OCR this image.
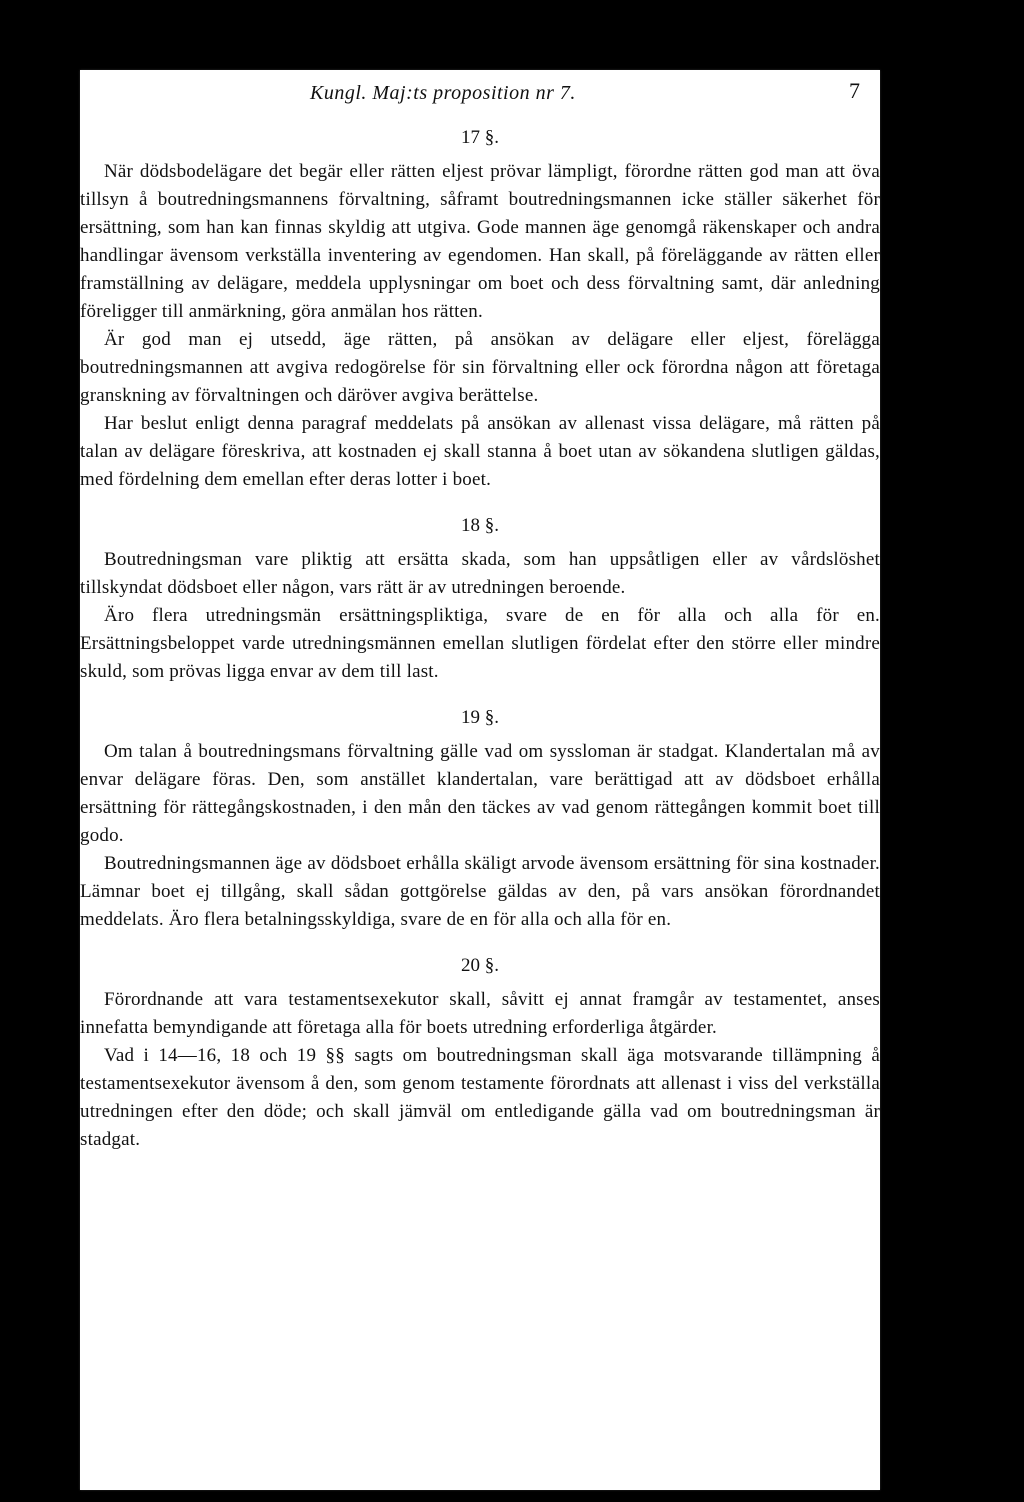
Kungl. Maj:ts proposition nr 7.	7
17 §.

När dödsbodelägare det begär eller rätten eljest prövar lämpligt, förordne rätten god man att öva tillsyn å boutredningsmannens förvaltning, såframt boutredningsmannen icke ställer säkerhet för ersättning, som han kan finnas skyldig att utgiva. Gode mannen äge genomgå räkenskaper och andra handlingar ävensom verkställa inventering av egendomen. Han skall, på föreläggande av rätten eller framställning av delägare, meddela upplysningar om boet och dess förvaltning samt, där anledning föreligger till anmärkning, göra anmälan hos rätten.

Är god man ej utsedd, äge rätten, på ansökan av delägare eller eljest, förelägga boutredningsmannen att avgiva redogörelse för sin förvaltning eller ock förordna någon att företaga granskning av förvaltningen och däröver avgiva berättelse.

Har beslut enligt denna paragraf meddelats på ansökan av allenast vissa delägare, må rätten på talan av delägare föreskriva, att kostnaden ej skall stanna å boet utan av sökandena slutligen gäldas, med fördelning dem emellan efter deras lotter i boet.

18 §.

Boutredningsman vare pliktig att ersätta skada, som han uppsåtligen eller av vårdslöshet tillskyndat dödsboet eller någon, vars rätt är av utredningen beroende.

Äro flera utredningsmän ersättningspliktiga, svare de en för alla och alla för en. Ersättningsbeloppet varde utredningsmännen emellan slutligen fördelat efter den större eller mindre skuld, som prövas ligga envar av dem till last.

19 §.

Om talan å boutredningsmans förvaltning gälle vad om syssloman är stadgat. Klandertalan må av envar delägare föras. Den, som anstället klandertalan, vare berättigad att av dödsboet erhålla ersättning för rättegångskostnaden, i den mån den täckes av vad genom rättegången kommit boet till godo.

Boutredningsmannen äge av dödsboet erhålla skäligt arvode ävensom ersättning för sina kostnader. Lämnar boet ej tillgång, skall sådan gottgörelse gäldas av den, på vars ansökan förordnandet meddelats. Äro flera betalningsskyldiga, svare de en för alla och alla för en.

20 §.

Förordnande att vara testamentsexekutor skall, såvitt ej annat framgår av testamentet, anses innefatta bemyndigande att företaga alla för boets utredning erforderliga åtgärder.

Vad i 14—16, 18 och 19 §§ sagts om boutredningsman skall äga motsvarande tillämpning å testamentsexekutor ävensom å den, som genom testamente förordnats att allenast i viss del verkställa utredningen efter den döde; och skall jämväl om entledigande gälla vad om boutredningsman är stadgat.
